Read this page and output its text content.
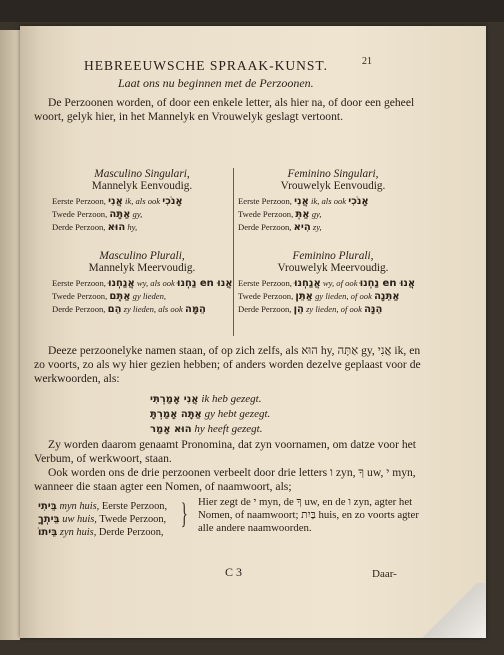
HEBREEUWSCHE SPRAAK-KUNST.	21
Laat ons nu beginnen met de Perzoonen.
De Perzoonen worden, of door een enkele letter, als hier na, of door een geheel woort, gelyk hier, in het Mannelyk en Vrouwelyk geslagt vertoont.
Masculino Singulari,
Mannelyk Eenvoudig.
Eerste Perzoon, אֲנִי ik, als ook אָנֹכִי
Twede Perzoon, אַתָּה gy,
Derde Perzoon, הוּא hy,
Feminino Singulari,
Vrouwelyk Eenvoudig.
Eerste Perzoon, אֲנִי ik, als ook אָנֹכִי
Twede Perzoon, אַתְּ gy,
Derde Perzoon, הִיא zy,
Masculino Plurali,
Mannelyk Meervoudig.
Eerste Perzoon, אֲנַחְנוּ wy, als ook נַחְנוּ en אֲנוּ
Twede Perzoon, אַתֶּם gy lieden,
Derde Perzoon, הֵם zy lieden, als ook הֵמָּה
Feminino Plurali,
Vrouwelyk Meervoudig.
Eerste Perzoon, אֲנַחְנוּ wy, of ook נַחְנוּ en אֲנוּ
Twede Perzoon, אַתֵּן gy lieden, of ook אַתֵּנָה
Derde Perzoon, הֵן zy lieden, of ook הֵנָּה
Deeze perzoonelyke namen staan, of op zich zelfs, als הוּא hy, אַתָּה gy, אֲנִי ik, en zo voorts, zo als wy hier gezien hebben; of anders worden dezelve geplaast voor de werkwoorden, als:
אֲנִי אָמַרְתִּי ik heb gezegt.
אַתָּה אָמַרְתָּ gy hebt gezegt.
הוּא אָמַר hy heeft gezegt.
Zy worden daarom genaamt Pronomina, dat zyn voornamen, om datze voor het Verbum, of werkwoort, staan.
Ook worden ons de drie perzoonen verbeelt door drie letters ו zyn, ךָ uw, י myn, wanneer die staan agter een Nomen, of naamwoort, als;
בֵּיתִי myn huis, Eerste Perzoon,
בֵּיתְךָ uw huis, Twede Perzoon,
בֵּיתוֹ zyn huis, Derde Perzoon,
} Hier zegt de י myn, de ךָ uw, en de ו zyn, agter het Nomen, of naamwoort; בַּיִת huis, en zo voorts agter alle andere naamwoorden.
C 3	Daar-
